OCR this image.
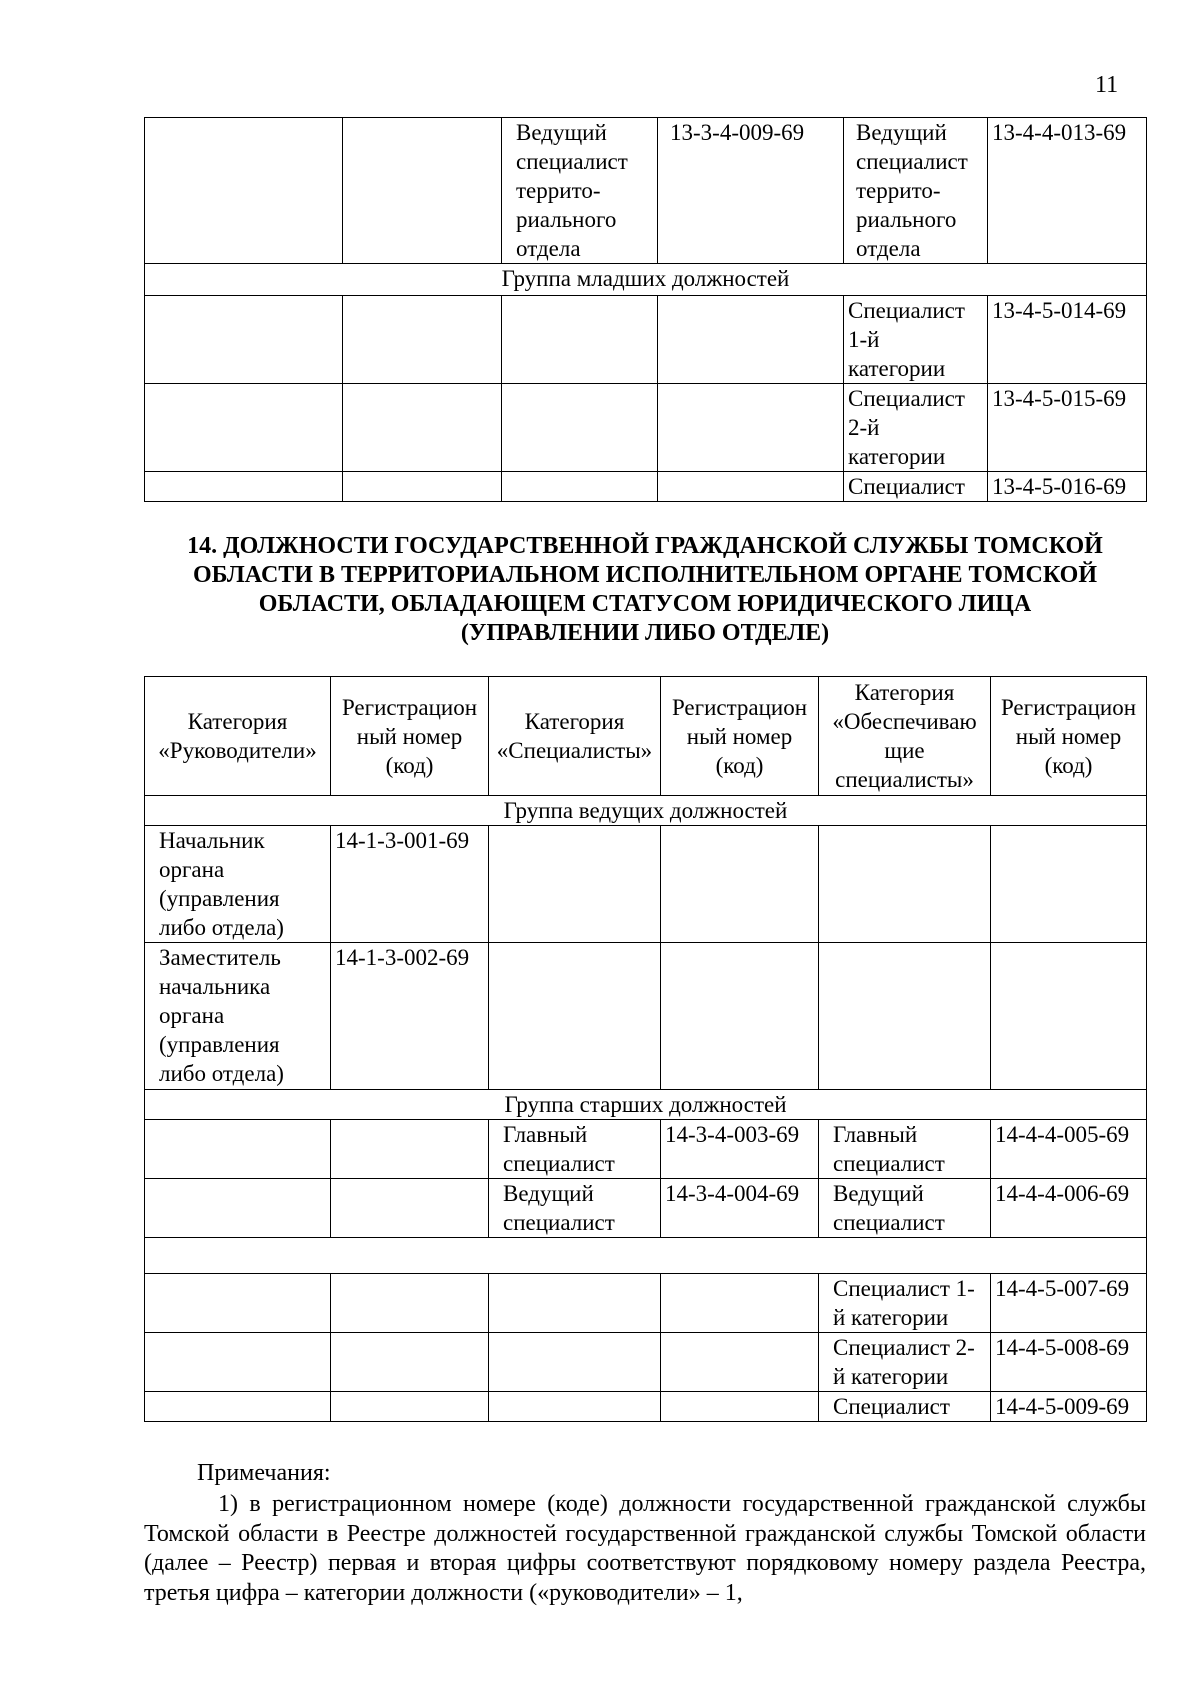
11
		Ведущий
специалист
террито-
риального
отдела	13-3-4-009-69	Ведущий
специалист
террито-
риального
отдела	13-4-4-013-69
Группа младших должностей					
				Специалист
1-й
категории	13-4-5-014-69
				Специалист
2-й
категории	13-4-5-015-69
				Специалист	13-4-5-016-69
14. ДОЛЖНОСТИ ГОСУДАРСТВЕННОЙ ГРАЖДАНСКОЙ СЛУЖБЫ ТОМСКОЙ
ОБЛАСТИ В ТЕРРИТОРИАЛЬНОМ ИСПОЛНИТЕЛЬНОМ ОРГАНЕ ТОМСКОЙ
ОБЛАСТИ, ОБЛАДАЮЩЕМ СТАТУСОМ ЮРИДИЧЕСКОГО ЛИЦА
(УПРАВЛЕНИИ ЛИБО ОТДЕЛЕ)
Категория
«Руководители»	Регистрацион
ный номер
(код)	Категория
«Специалисты»	Регистрацион
ный номер
(код)	Категория
«Обеспечиваю
щие
специалисты»	Регистрацион
ный номер
(код)
Группа ведущих должностей					
Начальник
органа
(управления
либо отдела)	14-1-3-001-69				
Заместитель
начальника
органа
(управления
либо отдела)	14-1-3-002-69				
Группа старших должностей					
		Главный
специалист	14-3-4-003-69	Главный
специалист	14-4-4-005-69
		Ведущий
специалист	14-3-4-004-69	Ведущий
специалист	14-4-4-006-69

				Специалист 1-
й категории	14-4-5-007-69
				Специалист 2-
й категории	14-4-5-008-69
				Специалист	14-4-5-009-69
Примечания:
1) в регистрационном номере (коде) должности государственной гражданской службы Томской области в Реестре должностей государственной гражданской службы Томской области (далее – Реестр) первая и вторая цифры соответствуют порядковому номеру раздела Реестра, третья цифра – категории должности («руководители» – 1,
